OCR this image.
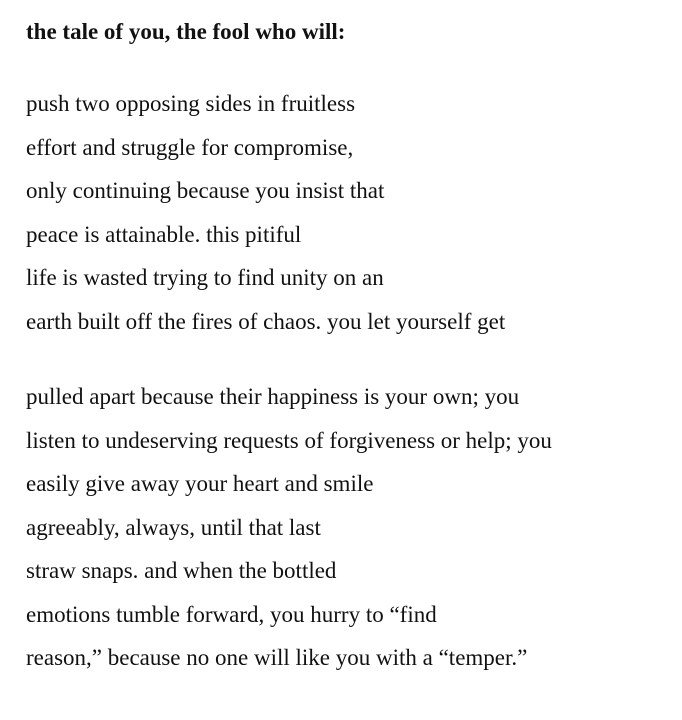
the tale of you, the fool who will:
push two opposing sides in fruitless
effort and struggle for compromise,
only continuing because you insist that
peace is attainable. this pitiful
life is wasted trying to find unity on an
earth built off the fires of chaos. you let yourself get
pulled apart because their happiness is your own; you
listen to undeserving requests of forgiveness or help; you
easily give away your heart and smile
agreeably, always, until that last
straw snaps. and when the bottled
emotions tumble forward, you hurry to “find
reason,” because no one will like you with a “temper.”
